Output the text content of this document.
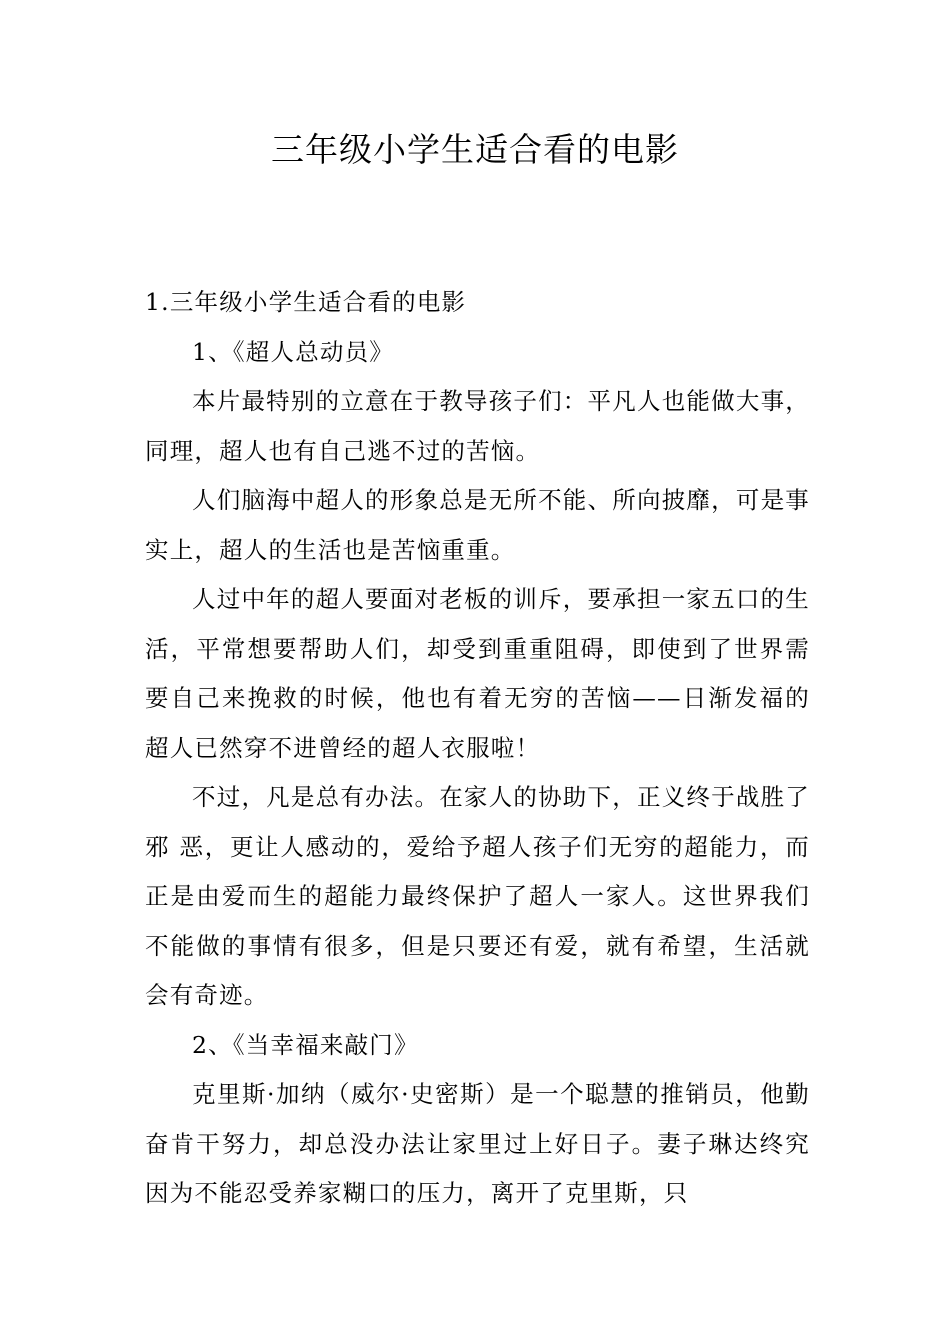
三年级小学生适合看的电影

1.三年级小学生适合看的电影

1、《超人总动员》

本片最特别的立意在于教导孩子们：平凡人也能做大事，同理，超人也有自己逃不过的苦恼。

人们脑海中超人的形象总是无所不能、所向披靡，可是事实上，超人的生活也是苦恼重重。

人过中年的超人要面对老板的训斥，要承担一家五口的生活，平常想要帮助人们，却受到重重阻碍，即使到了世界需要自己来挽救的时候，他也有着无穷的苦恼——日渐发福的超人已然穿不进曾经的超人衣服啦！

不过，凡是总有办法。在家人的协助下，正义终于战胜了邪 恶，更让人感动的，爱给予超人孩子们无穷的超能力，而正是由爱而生的超能力最终保护了超人一家人。这世界我们不能做的事情有很多，但是只要还有爱，就有希望，生活就会有奇迹。

2、《当幸福来敲门》

克里斯·加纳（威尔·史密斯）是一个聪慧的推销员，他勤奋肯干努力，却总没办法让家里过上好日子。妻子琳达终究因为不能忍受养家糊口的压力，离开了克里斯，只
